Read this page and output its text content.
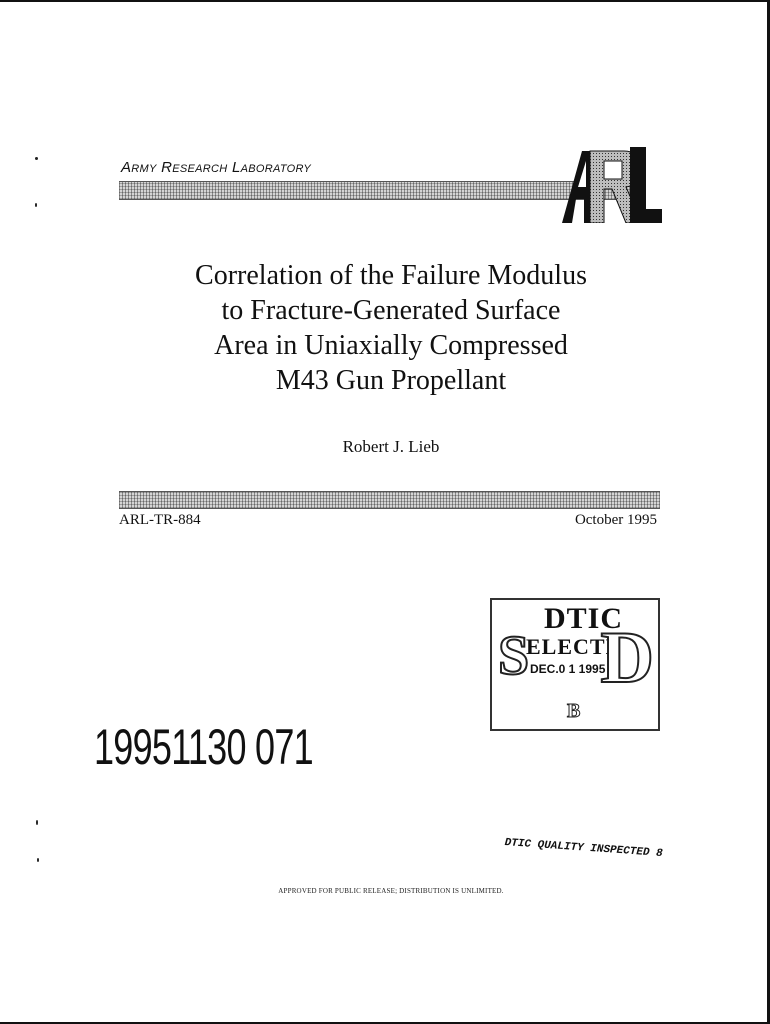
Army Research Laboratory
Correlation of the Failure Modulus
to Fracture-Generated Surface
Area in Uniaxially Compressed
M43 Gun Propellant
Robert J. Lieb
ARL-TR-884	October 1995
S
DTIC
ELECTE
DEC.0 1 1995
D
B
19951130 071
DTIC QUALITY INSPECTED 8
APPROVED FOR PUBLIC RELEASE; DISTRIBUTION IS UNLIMITED.
